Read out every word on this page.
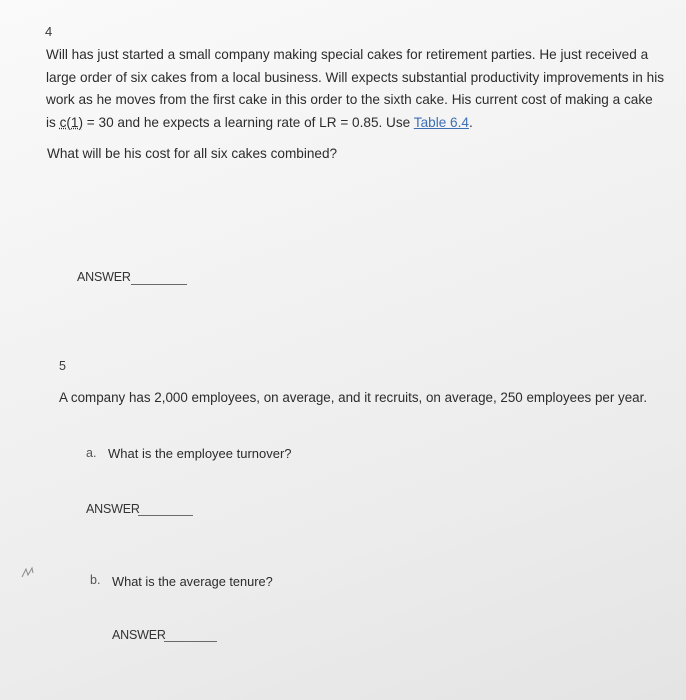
4
Will has just started a small company making special cakes for retirement parties. He just received a
large order of six cakes from a local business. Will expects substantial productivity improvements in his
work as he moves from the first cake in this order to the sixth cake. His current cost of making a cake
is c(1) = 30 and he expects a learning rate of LR = 0.85. Use Table 6.4.
What will be his cost for all six cakes combined?
ANSWER
5
A company has 2,000 employees, on average, and it recruits, on average, 250 employees per year.
a. What is the employee turnover?
ANSWER
b. What is the average tenure?
ANSWER
